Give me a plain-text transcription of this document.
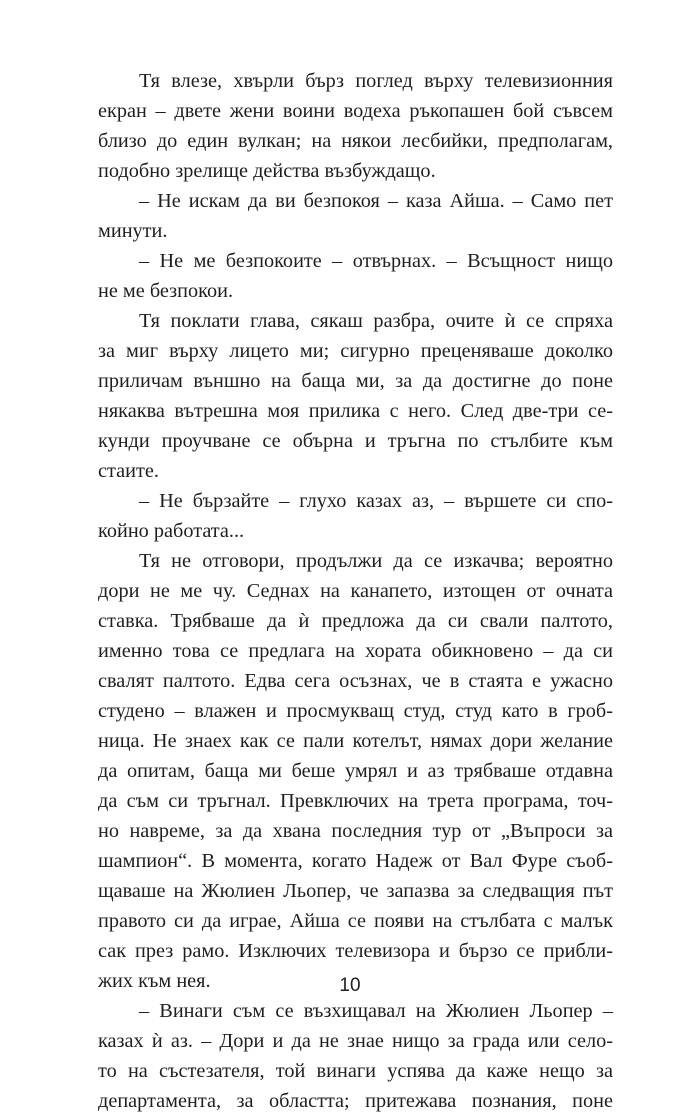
Тя влезе, хвърли бърз поглед върху телевизионния
екран – двете жени воини водеха ръкопашен бой съвсем
близо до един вулкан; на някои лесбийки, предполагам,
подобно зрелище действа възбуждащо.
– Не искам да ви безпокоя – каза Айша. – Само пет
минути.
– Не ме безпокоите – отвърнах. – Всъщност нищо
не ме безпокои.
Тя поклати глава, сякаш разбра, очите ѝ се спряха
за миг върху лицето ми; сигурно преценяваше доколко
приличам външно на баща ми, за да достигне до поне
някаква вътрешна моя прилика с него. След две-три се-
кунди проучване се обърна и тръгна по стълбите към
стаите.
– Не бързайте – глухо казах аз, – вършете си спо-
койно работата...
Тя не отговори, продължи да се изкачва; вероятно
дори не ме чу. Седнах на канапето, изтощен от очната
ставка. Трябваше да ѝ предложа да си свали палтото,
именно това се предлага на хората обикновено – да си
свалят палтото. Едва сега осъзнах, че в стаята е ужасно
студено – влажен и просмукващ студ, студ като в гроб-
ница. Не знаех как се пали котелът, нямах дори желание
да опитам, баща ми беше умрял и аз трябваше отдавна
да съм си тръгнал. Превключих на трета програма, точ-
но навреме, за да хвана последния тур от „Въпроси за
шампион“. В момента, когато Надеж от Вал Фуре съоб-
щаваше на Жюлиен Льопер, че запазва за следващия път
правото си да играе, Айша се появи на стълбата с малък
сак през рамо. Изключих телевизора и бързо се прибли-
жих към нея.
– Винаги съм се възхищавал на Жюлиен Льопер –
казах ѝ аз. – Дори и да не знае нищо за града или село-
то на състезателя, той винаги успява да каже нещо за
департамента, за областта; притежава познания, поне
10
